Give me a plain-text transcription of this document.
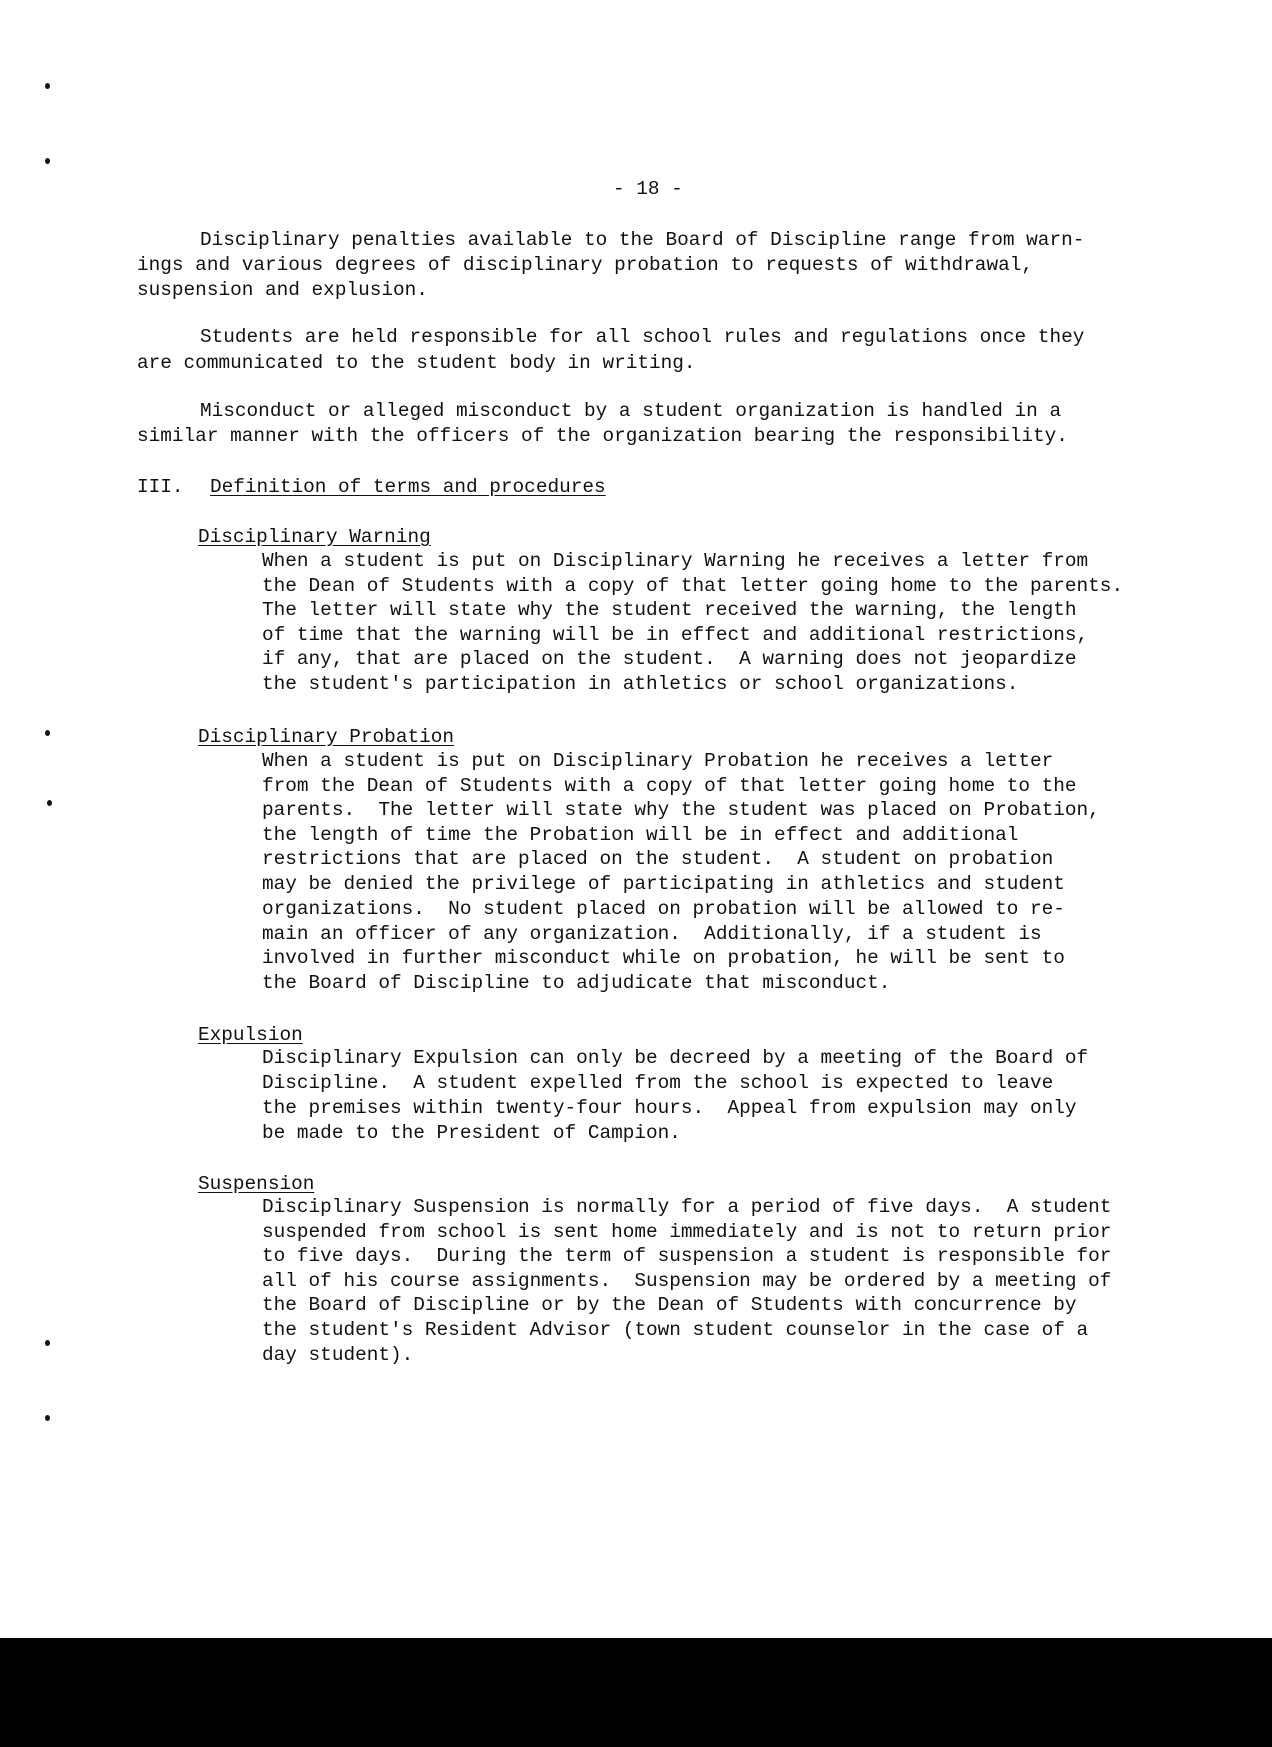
- 18 -
Disciplinary penalties available to the Board of Discipline range from warn-
ings and various degrees of disciplinary probation to requests of withdrawal,
suspension and explusion.
Students are held responsible for all school rules and regulations once they
are communicated to the student body in writing.
Misconduct or alleged misconduct by a student organization is handled in a
similar manner with the officers of the organization bearing the responsibility.
III. Definition of terms and procedures
Disciplinary Warning
When a student is put on Disciplinary Warning he receives a letter from
the Dean of Students with a copy of that letter going home to the parents.
The letter will state why the student received the warning, the length
of time that the warning will be in effect and additional restrictions,
if any, that are placed on the student.  A warning does not jeopardize
the student's participation in athletics or school organizations.
Disciplinary Probation
When a student is put on Disciplinary Probation he receives a letter
from the Dean of Students with a copy of that letter going home to the
parents.  The letter will state why the student was placed on Probation,
the length of time the Probation will be in effect and additional
restrictions that are placed on the student.  A student on probation
may be denied the privilege of participating in athletics and student
organizations.  No student placed on probation will be allowed to re-
main an officer of any organization.  Additionally, if a student is
involved in further misconduct while on probation, he will be sent to
the Board of Discipline to adjudicate that misconduct.
Expulsion
Disciplinary Expulsion can only be decreed by a meeting of the Board of
Discipline.  A student expelled from the school is expected to leave
the premises within twenty-four hours.  Appeal from expulsion may only
be made to the President of Campion.
Suspension
Disciplinary Suspension is normally for a period of five days.  A student
suspended from school is sent home immediately and is not to return prior
to five days.  During the term of suspension a student is responsible for
all of his course assignments.  Suspension may be ordered by a meeting of
the Board of Discipline or by the Dean of Students with concurrence by
the student's Resident Advisor (town student counselor in the case of a
day student).
